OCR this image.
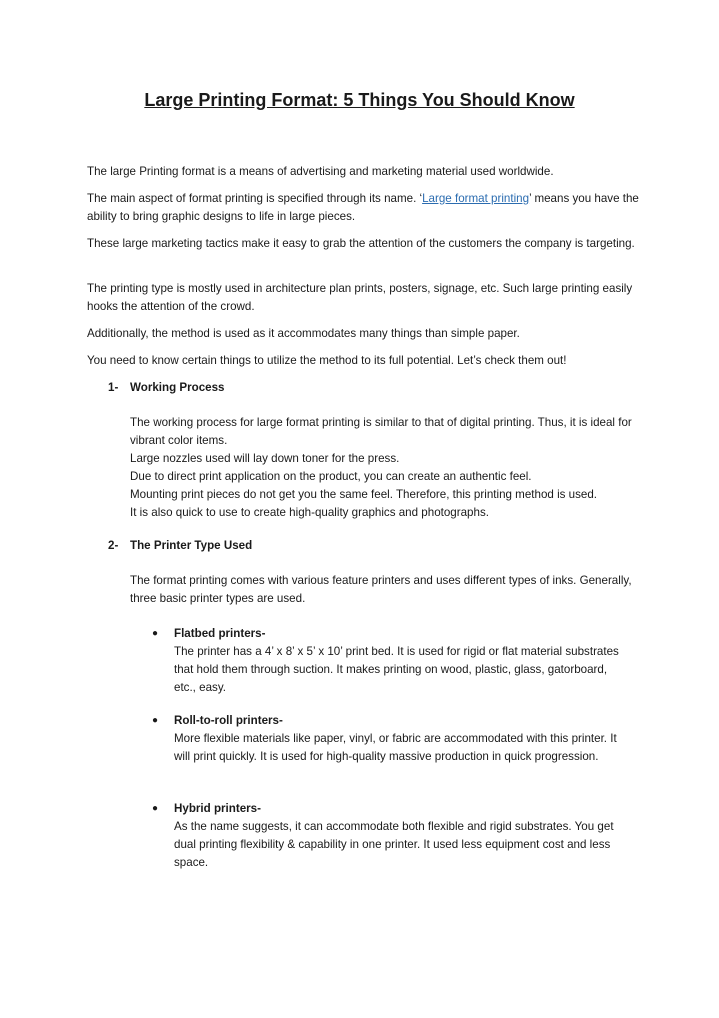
Large Printing Format: 5 Things You Should Know

The large Printing format is a means of advertising and marketing material used worldwide.

The main aspect of format printing is specified through its name. ‘Large format printing’ means you have the ability to bring graphic designs to life in large pieces.

These large marketing tactics make it easy to grab the attention of the customers the company is targeting.

The printing type is mostly used in architecture plan prints, posters, signage, etc. Such large printing easily hooks the attention of the crowd.

Additionally, the method is used as it accommodates many things than simple paper.

You need to know certain things to utilize the method to its full potential. Let’s check them out!

1- Working Process

The working process for large format printing is similar to that of digital printing. Thus, it is ideal for vibrant color items.

Large nozzles used will lay down toner for the press.

Due to direct print application on the product, you can create an authentic feel.

Mounting print pieces do not get you the same feel. Therefore, this printing method is used.

It is also quick to use to create high-quality graphics and photographs.

2- The Printer Type Used

The format printing comes with various feature printers and uses different types of inks. Generally, three basic printer types are used.

● Flatbed printers-
The printer has a 4’ x 8’ x 5’ x 10’ print bed. It is used for rigid or flat material substrates that hold them through suction. It makes printing on wood, plastic, glass, gatorboard, etc., easy.
● Roll-to-roll printers-
More flexible materials like paper, vinyl, or fabric are accommodated with this printer. It will print quickly. It is used for high-quality massive production in quick progression.
● Hybrid printers-
As the name suggests, it can accommodate both flexible and rigid substrates. You get dual printing flexibility & capability in one printer. It used less equipment cost and less space.
